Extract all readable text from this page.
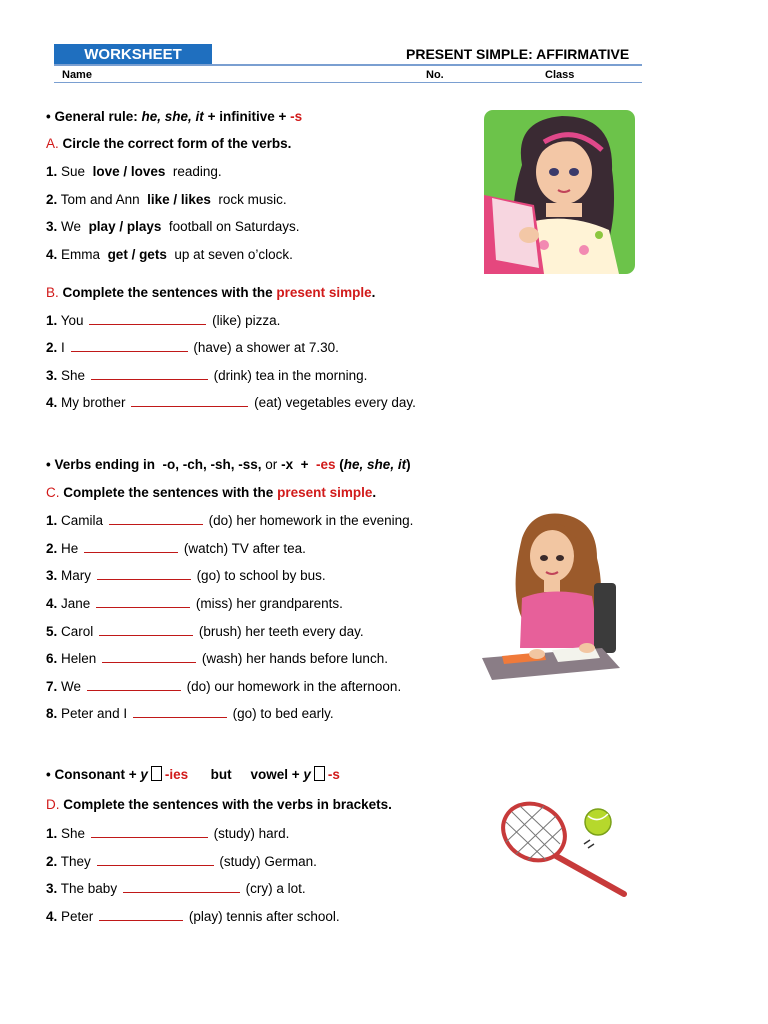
WORKSHEET	PRESENT SIMPLE: AFFIRMATIVE
Name	No.	Class
• General rule: he, she, it + infinitive + -s
A. Circle the correct form of the verbs.
1. Sue love / loves reading.
2. Tom and Ann like / likes rock music.
3. We play / plays football on Saturdays.
4. Emma get / gets up at seven o’clock.
B. Complete the sentences with the present simple.
1. You	(like) pizza.
2. I	(have) a shower at 7.30.
3. She	(drink) tea in the morning.
4. My brother	(eat) vegetables every day.
• Verbs ending in -o, -ch, -sh, -ss, or -x + -es (he, she, it)
C. Complete the sentences with the present simple.
1. Camila	(do) her homework in the evening.
2. He	(watch) TV after tea.
3. Mary	(go) to school by bus.
4. Jane	(miss) her grandparents.
5. Carol	(brush) her teeth every day.
6. Helen	(wash) her hands before lunch.
7. We	(do) our homework in the afternoon.
8. Peter and I	(go) to bed early.
• Consonant + y -ies but vowel + y -s
D. Complete the sentences with the verbs in brackets.
1. She	(study) hard.
2. They	(study) German.
3. The baby	(cry) a lot.
4. Peter	(play) tennis after school.
